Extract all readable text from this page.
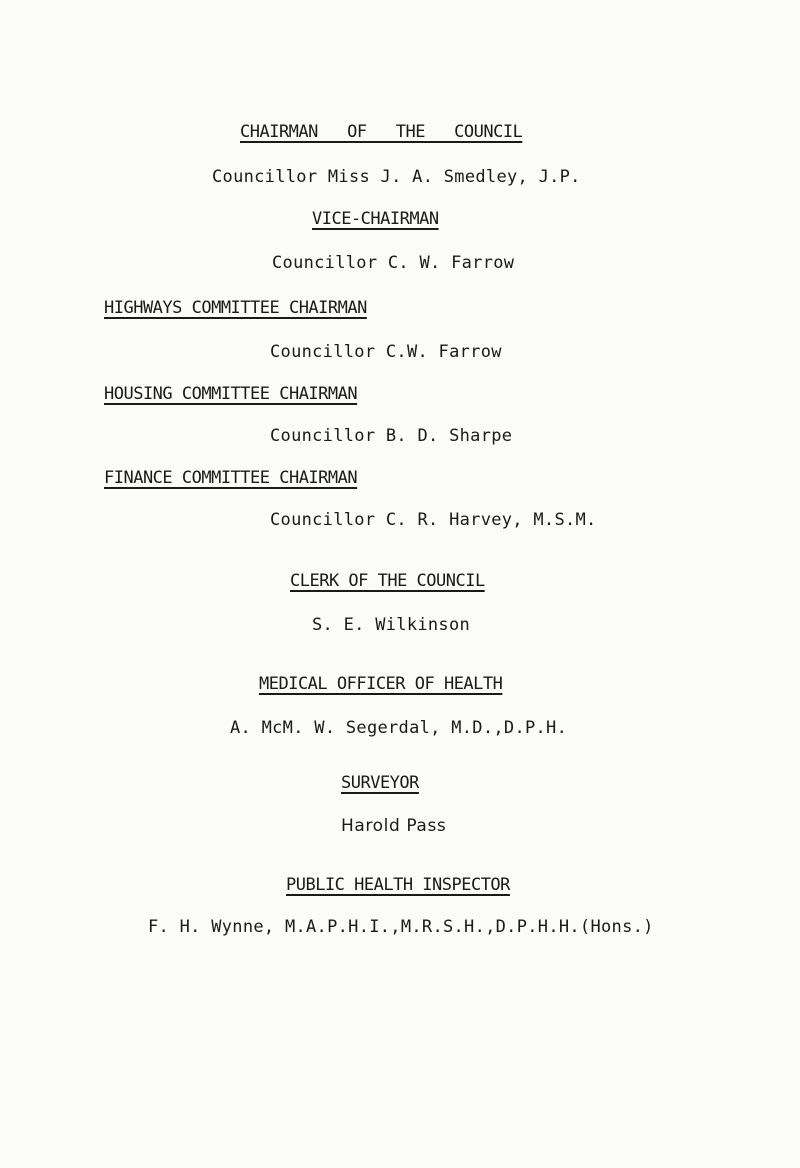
CHAIRMAN   OF   THE   COUNCIL
Councillor Miss J. A. Smedley, J.P.
VICE-CHAIRMAN
Councillor C. W. Farrow
HIGHWAYS COMMITTEE CHAIRMAN
Councillor C.W. Farrow
HOUSING COMMITTEE CHAIRMAN
Councillor B. D. Sharpe
FINANCE COMMITTEE CHAIRMAN
Councillor C. R. Harvey, M.S.M.
CLERK OF THE COUNCIL
S. E. Wilkinson
MEDICAL OFFICER OF HEALTH
A. McM. W. Segerdal, M.D.,D.P.H.
SURVEYOR
Harold Pass
PUBLIC HEALTH INSPECTOR
F. H. Wynne, M.A.P.H.I.,M.R.S.H.,D.P.H.H.(Hons.)
